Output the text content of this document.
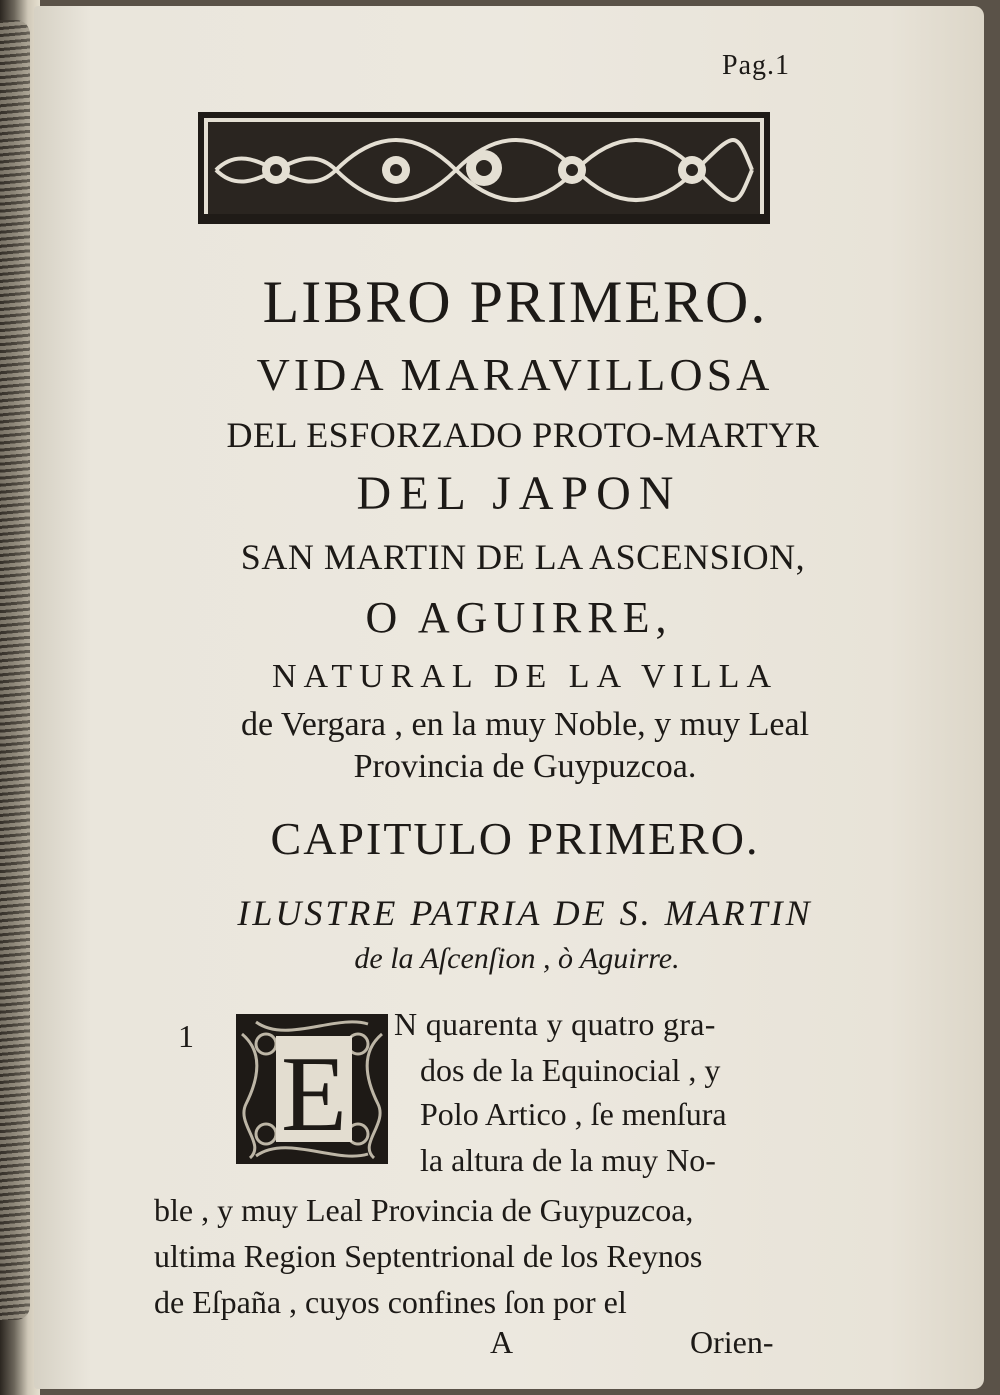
Pag.1
LIBRO PRIMERO.
VIDA MARAVILLOSA
DEL ESFORZADO PROTO-MARTYR
DEL JAPON
SAN MARTIN DE LA ASCENSION,
O AGUIRRE,
NATURAL DE LA VILLA
de Vergara , en la muy Noble, y muy Leal
Provincia de Guypuzcoa.
CAPITULO PRIMERO.
ILUSTRE PATRIA DE S. MARTIN
de la Aſcenſion , ò Aguirre.
1 E
N quarenta y quatro gra-
dos de la Equinocial , y
Polo Artico , ſe menſura
la altura de la muy No-
ble , y muy Leal Provincia de Guypuzcoa,
ultima Region Septentrional de los Reynos
de Eſpaña , cuyos confines ſon por el
A	Orien-
